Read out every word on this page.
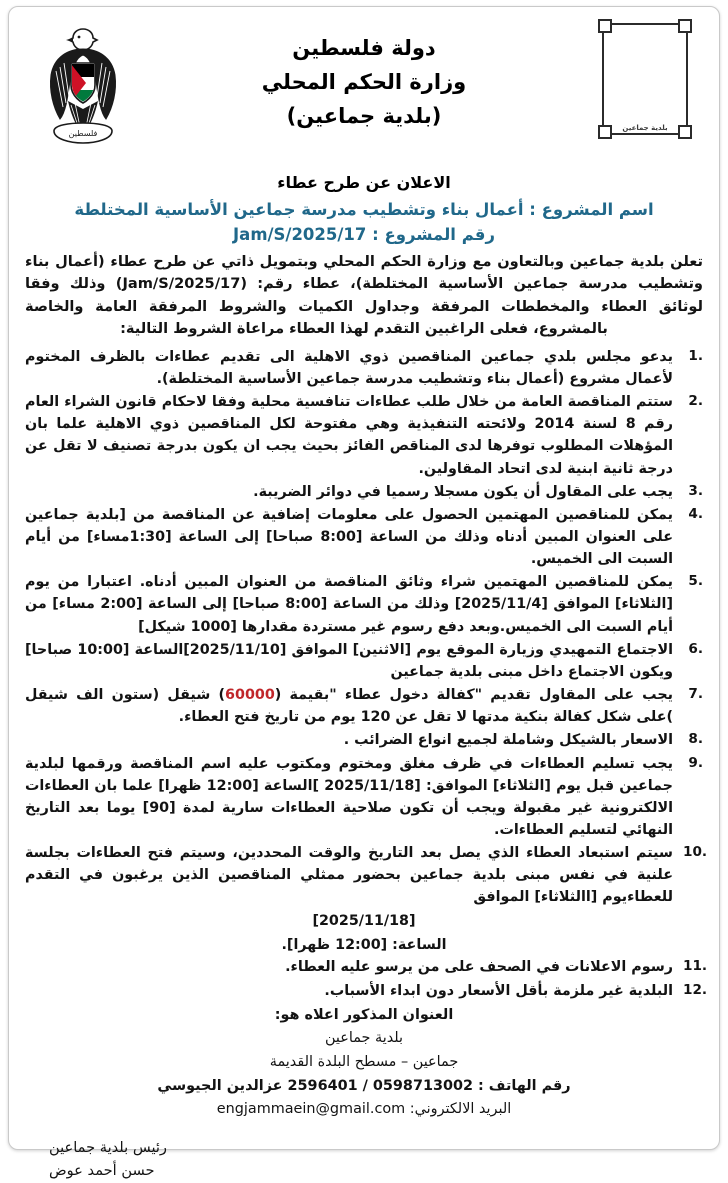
بلدية جماعين
دولة فلسطين
وزارة الحكم المحلي
(بلدية جماعين)
فلسطين
الاعلان عن طرح عطاء
اسم المشروع : أعمال بناء وتشطيب مدرسة جماعين الأساسية المختلطة
رقم المشروع : Jam/S/2025/17
تعلن بلدية جماعين وبالتعاون مع وزارة الحكم المحلي وبتمويل ذاتي عن طرح عطاء (أعمال بناء وتشطيب مدرسة جماعين الأساسية المختلطة)، عطاء رقم: (Jam/S/2025/17) وذلك وفقا لوثائق العطاء والمخططات المرفقة وجداول الكميات والشروط المرفقة العامة والخاصة بالمشروع، فعلى الراغبين التقدم لهذا العطاء مراعاة الشروط التالية:
يدعو مجلس بلدي جماعين المناقصين ذوي الاهلية الى تقديم عطاءات بالظرف المختوم لأعمال مشروع (أعمال بناء وتشطيب مدرسة جماعين الأساسية المختلطة).
ستتم المناقصة العامة من خلال طلب عطاءات تنافسية محلية وفقا لاحكام قانون الشراء العام رقم 8 لسنة 2014 ولائحته التنفيذية وهي مفتوحة لكل المناقصين ذوي الاهلية علما بان المؤهلات المطلوب توفرها لدى المناقص الفائز بحيث يجب ان يكون بدرجة تصنيف لا تقل عن درجة ثانية ابنية لدى اتحاد المقاولين.
يجب على المقاول أن يكون مسجلا رسميا في دوائر الضريبة.
يمكن للمناقصين المهتمين الحصول على معلومات إضافية عن المناقصة من [بلدية جماعين على العنوان المبين أدناه وذلك من الساعة [8:00 صباحا] إلى الساعة [1:30مساء] من أيام السبت الى الخميس.
يمكن للمناقصين المهتمين شراء وثائق المناقصة من العنوان المبين أدناه. اعتبارا من يوم [الثلاثاء] الموافق [2025/11/4] وذلك من الساعة [8:00 صباحا] إلى الساعة [2:00 مساء] من أيام السبت الى الخميس.وبعد دفع رسوم غير مستردة مقدارها [1000 شيكل]
الاجتماع التمهيدي وزيارة الموقع يوم [الاثنين] الموافق [2025/11/10]الساعة [10:00 صباحا] ويكون الاجتماع داخل مبنى بلدية جماعين
يجب على المقاول تقديم "كفالة دخول عطاء "بقيمة (60000) شيقل (ستون الف شيقل )على شكل كفالة بنكية مدتها لا تقل عن 120 يوم من تاريخ فتح العطاء.
الاسعار بالشيكل وشاملة لجميع انواع الضرائب .
يجب تسليم العطاءات في ظرف مغلق ومختوم ومكتوب عليه اسم المناقصة ورقمها لبلدية جماعين قبل يوم [الثلاثاء] الموافق: [2025/11/18 ]الساعة [12:00 ظهرا] علما بان العطاءات الالكترونية غير مقبولة ويجب أن تكون صلاحية العطاءات سارية لمدة [90] يوما بعد التاريخ النهائي لتسليم العطاءات.
سيتم استبعاد العطاء الذي يصل بعد التاريخ والوقت المحددين، وسيتم فتح العطاءات بجلسة علنية في نفس مبنى بلدية جماعين بحضور ممثلي المناقصين الذين يرغبون في التقدم للعطاءيوم [االثلاثاء] الموافق
[2025/11/18]
الساعة: [12:00 ظهرا].
رسوم الاعلانات في الصحف على من يرسو عليه العطاء.
البلدية غير ملزمة بأقل الأسعار دون ابداء الأسباب.
العنوان المذكور اعلاه هو:
بلدية جماعين
جماعين – مسطح البلدة القديمة
رقم الهاتف : 2596401 / 0598713002 عزالدين الجيوسي
البريد الالكتروني: engjammaein@gmail.com
رئيس بلدية جماعين
حسن أحمد عوض
